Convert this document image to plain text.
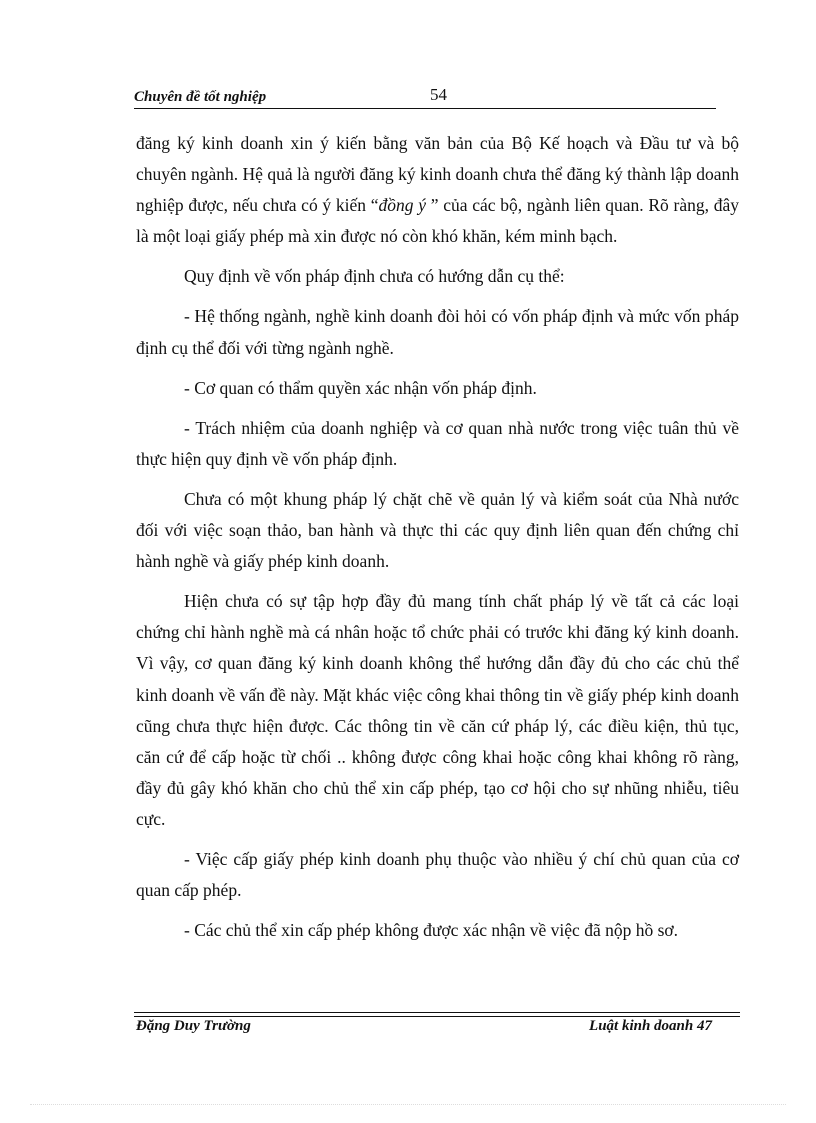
Chuyên đề tốt nghiệp	54

đăng ký kinh doanh xin ý kiến bằng văn bản của Bộ Kế hoạch và Đầu tư và bộ chuyên ngành. Hệ quả là người đăng ký kinh doanh chưa thể đăng ký thành lập doanh nghiệp được, nếu chưa có ý kiến “đồng ý ” của các bộ, ngành liên quan. Rõ ràng, đây là một loại giấy phép mà xin được nó còn khó khăn, kém minh bạch.

Quy định về vốn pháp định chưa có hướng dẫn cụ thể:

- Hệ thống ngành, nghề kinh doanh đòi hỏi có vốn pháp định và mức vốn pháp định cụ thể đối với từng ngành nghề.

- Cơ quan có thẩm quyền xác nhận vốn pháp định.

- Trách nhiệm của doanh nghiệp và cơ quan nhà nước trong việc tuân thủ về thực hiện quy định về vốn pháp định.

Chưa có một khung pháp lý chặt chẽ về quản lý và kiểm soát của Nhà nước đối với việc soạn thảo, ban hành và thực thi các quy định liên quan đến chứng chỉ hành nghề và giấy phép kinh doanh.

Hiện chưa có sự tập hợp đầy đủ mang tính chất pháp lý về tất cả các loại chứng chỉ hành nghề mà cá nhân hoặc tổ chức phải có trước khi đăng ký kinh doanh. Vì vậy, cơ quan đăng ký kinh doanh không thể hướng dẫn đầy đủ cho các chủ thể kinh doanh về vấn đề này. Mặt khác việc công khai thông tin về giấy phép kinh doanh cũng chưa thực hiện được. Các thông tin về căn cứ pháp lý, các điều kiện, thủ tục, căn cứ để cấp hoặc từ chối .. không được công khai hoặc công khai không rõ ràng, đầy đủ gây khó khăn cho chủ thể xin cấp phép, tạo cơ hội cho sự nhũng nhiễu, tiêu cực.

- Việc cấp giấy phép kinh doanh phụ thuộc vào nhiều ý chí chủ quan của cơ quan cấp phép.

- Các chủ thể xin cấp phép không được xác nhận về việc đã nộp hồ sơ.

Đặng Duy Trường	Luật kinh doanh 47
